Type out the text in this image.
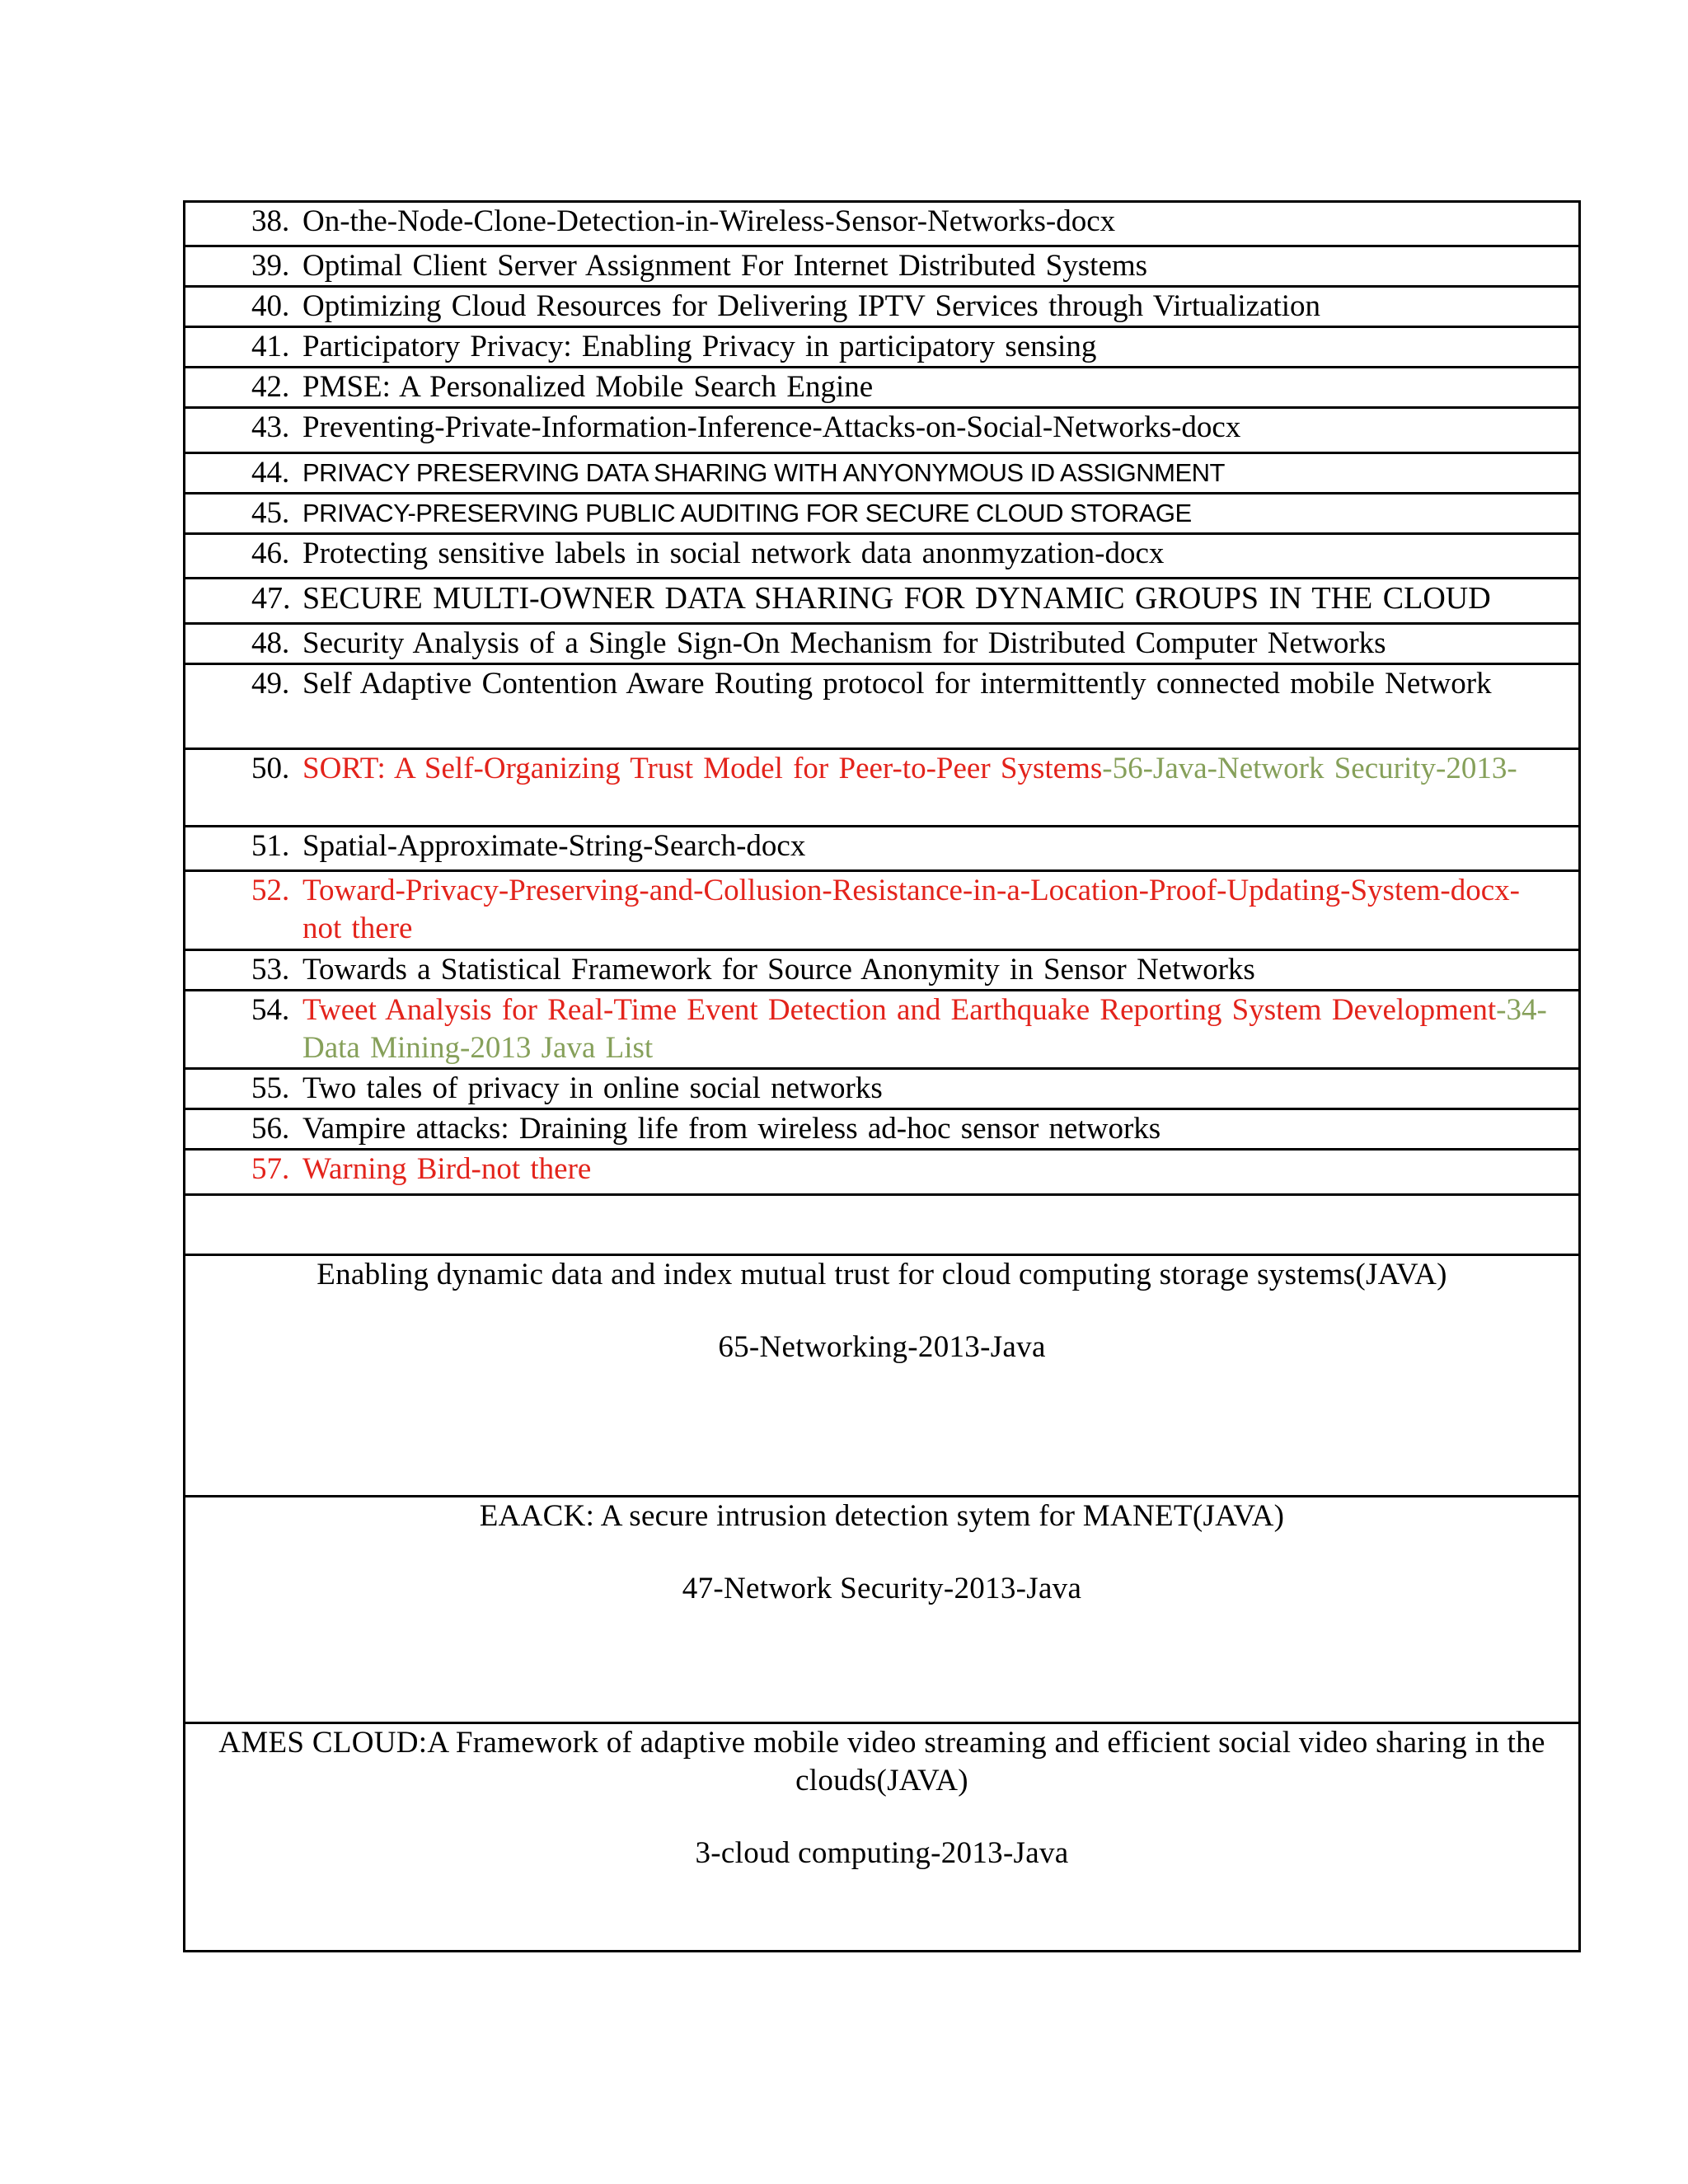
38. On-the-Node-Clone-Detection-in-Wireless-Sensor-Networks-docx

39. Optimal Client Server Assignment For Internet Distributed Systems

40. Optimizing Cloud Resources for Delivering IPTV Services through Virtualization

41. Participatory Privacy: Enabling Privacy in participatory sensing

42. PMSE: A Personalized Mobile Search Engine

43. Preventing-Private-Information-Inference-Attacks-on-Social-Networks-docx

44. PRIVACY PRESERVING DATA SHARING WITH ANYONYMOUS ID ASSIGNMENT

45. PRIVACY-PRESERVING PUBLIC AUDITING FOR SECURE CLOUD STORAGE

46. Protecting sensitive labels in social network data anonmyzation-docx

47. SECURE MULTI-OWNER DATA SHARING FOR DYNAMIC GROUPS IN THE CLOUD

48. Security Analysis of a Single Sign-On Mechanism for Distributed Computer Networks

49. Self Adaptive Contention Aware Routing protocol for intermittently connected mobile Network

50. SORT: A Self-Organizing Trust Model for Peer-to-Peer Systems-56-Java-Network Security-2013-

51. Spatial-Approximate-String-Search-docx

52. Toward-Privacy-Preserving-and-Collusion-Resistance-in-a-Location-Proof-Updating-System-docx-not there

53. Towards a Statistical Framework for Source Anonymity in Sensor Networks

54. Tweet Analysis for Real-Time Event Detection and Earthquake Reporting System Development-34-Data Mining-2013 Java List

55. Two tales of privacy in online social networks

56. Vampire attacks: Draining life from wireless ad-hoc sensor networks

57. Warning Bird-not there

Enabling dynamic data and index mutual trust for cloud computing storage systems(JAVA)
65-Networking-2013-Java

EAACK: A secure intrusion detection sytem for MANET(JAVA)
47-Network Security-2013-Java

AMES CLOUD:A Framework of adaptive mobile video streaming and efficient social video sharing in the clouds(JAVA)
3-cloud computing-2013-Java
